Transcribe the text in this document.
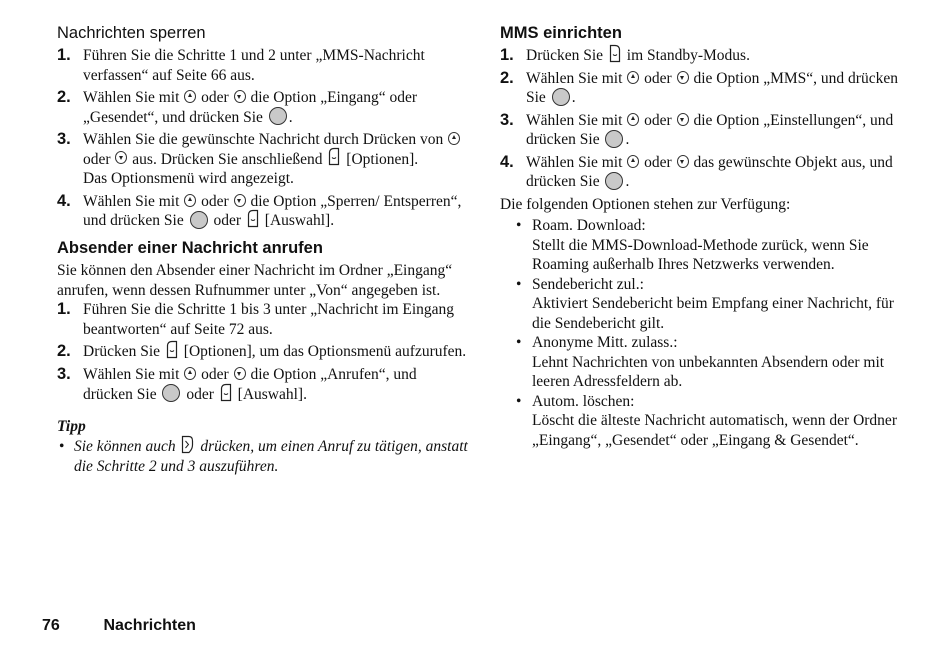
Nachrichten sperren
1. Führen Sie die Schritte 1 und 2 unter „MMS-Nachricht verfassen“ auf Seite 66 aus.
2. Wählen Sie mit oder die Option „Eingang“ oder „Gesendet“, und drücken Sie .
3. Wählen Sie die gewünschte Nachricht durch Drücken von  oder aus. Drücken Sie anschließend [Optionen].
Das Optionsmenü wird angezeigt.
4. Wählen Sie mit oder die Option „Sperren/ Entsperren“, und drücken Sie oder [Auswahl].
Absender einer Nachricht anrufen

Sie können den Absender einer Nachricht im Ordner „Eingang“ anrufen, wenn dessen Rufnummer unter „Von“ angegeben ist.

1. Führen Sie die Schritte 1 bis 3 unter „Nachricht im Eingang beantworten“ auf Seite 72 aus.
2. Drücken Sie [Optionen], um das Optionsmenü aufzurufen.
3. Wählen Sie mit oder die Option „Anrufen“, und drücken Sie oder [Auswahl].
Tipp
• Sie können auch drücken, um einen Anruf zu tätigen, anstatt die Schritte 2 und 3 auszuführen.
MMS einrichten
1. Drücken Sie im Standby-Modus.
2. Wählen Sie mit oder die Option „MMS“, und drücken Sie .
3. Wählen Sie mit oder die Option „Einstellungen“, und drücken Sie .
4. Wählen Sie mit oder das gewünschte Objekt aus, und drücken Sie .

Die folgenden Optionen stehen zur Verfügung:

• Roam. Download:
Stellt die MMS-Download-Methode zurück, wenn Sie Roaming außerhalb Ihres Netzwerks verwenden.
• Sendebericht zul.:
Aktiviert Sendebericht beim Empfang einer Nachricht, für die Sendebericht gilt.
• Anonyme Mitt. zulass.:
Lehnt Nachrichten von unbekannten Absendern oder mit leeren Adressfeldern ab.
• Autom. löschen:
Löscht die älteste Nachricht automatisch, wenn der Ordner „Eingang“, „Gesendet“ oder „Eingang & Gesendet“.
76	Nachrichten
